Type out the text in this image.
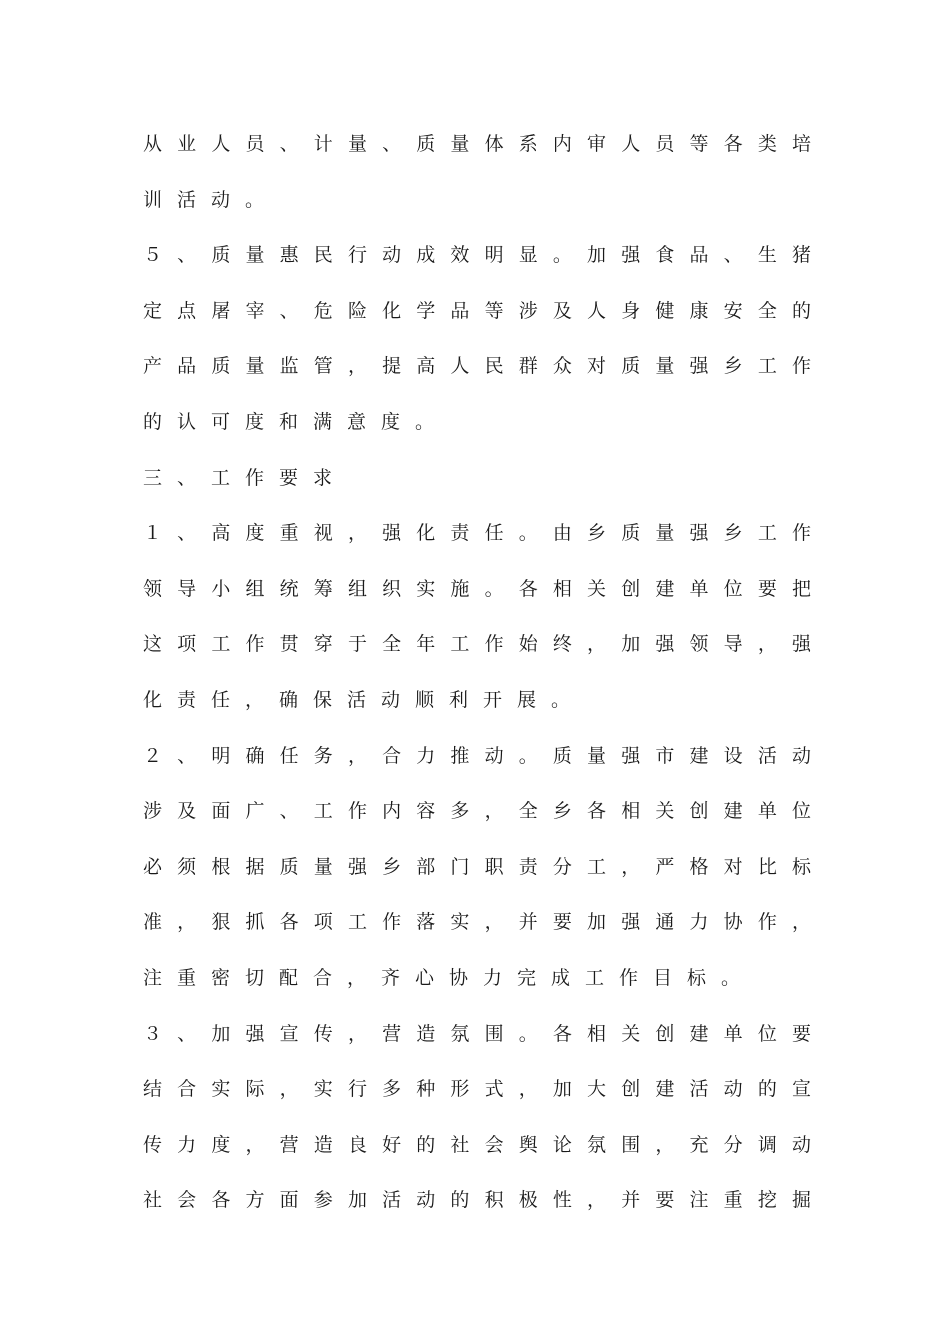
从 业 人 员 、 计 量 、 质 量 体 系 内 审 人 员 等 各 类 培
训活动。
５ 、 质 量 惠 民 行 动 成 效 明 显 。 加 强 食 品 、 生 猪
定 点 屠 宰 、 危 险 化 学 品 等 涉 及 人 身 健 康 安 全 的
产 品 质 量 监 管 ， 提 高 人 民 群 众 对 质 量 强 乡 工 作
的认可度和满意度。
三、工作要求
１ 、 高 度 重 视 ， 强 化 责 任 。 由 乡 质 量 强 乡 工 作
领 导 小 组 统 筹 组 织 实 施 。 各 相 关 创 建 单 位 要 把
这 项 工 作 贯 穿 于 全 年 工 作 始 终 ， 加 强 领 导 ， 强
化责任，确保活动顺利开展。
２ 、 明 确 任 务 ， 合 力 推 动 。 质 量 强 市 建 设 活 动
涉 及 面 广 、 工 作 内 容 多 ， 全 乡 各 相 关 创 建 单 位
必 须 根 据 质 量 强 乡 部 门 职 责 分 工 ， 严 格 对 比 标
准 ， 狠 抓 各 项 工 作 落 实 ， 并 要 加 强 通 力 协 作 ，
注重密切配合，齐心协力完成工作目标。
３ 、 加 强 宣 传 ， 营 造 氛 围 。 各 相 关 创 建 单 位 要
结 合 实 际 ， 实 行 多 种 形 式 ， 加 大 创 建 活 动 的 宣
传 力 度 ， 营 造 良 好 的 社 会 舆 论 氛 围 ， 充 分 调 动
社 会 各 方 面 参 加 活 动 的 积 极 性 ， 并 要 注 重 挖 掘
